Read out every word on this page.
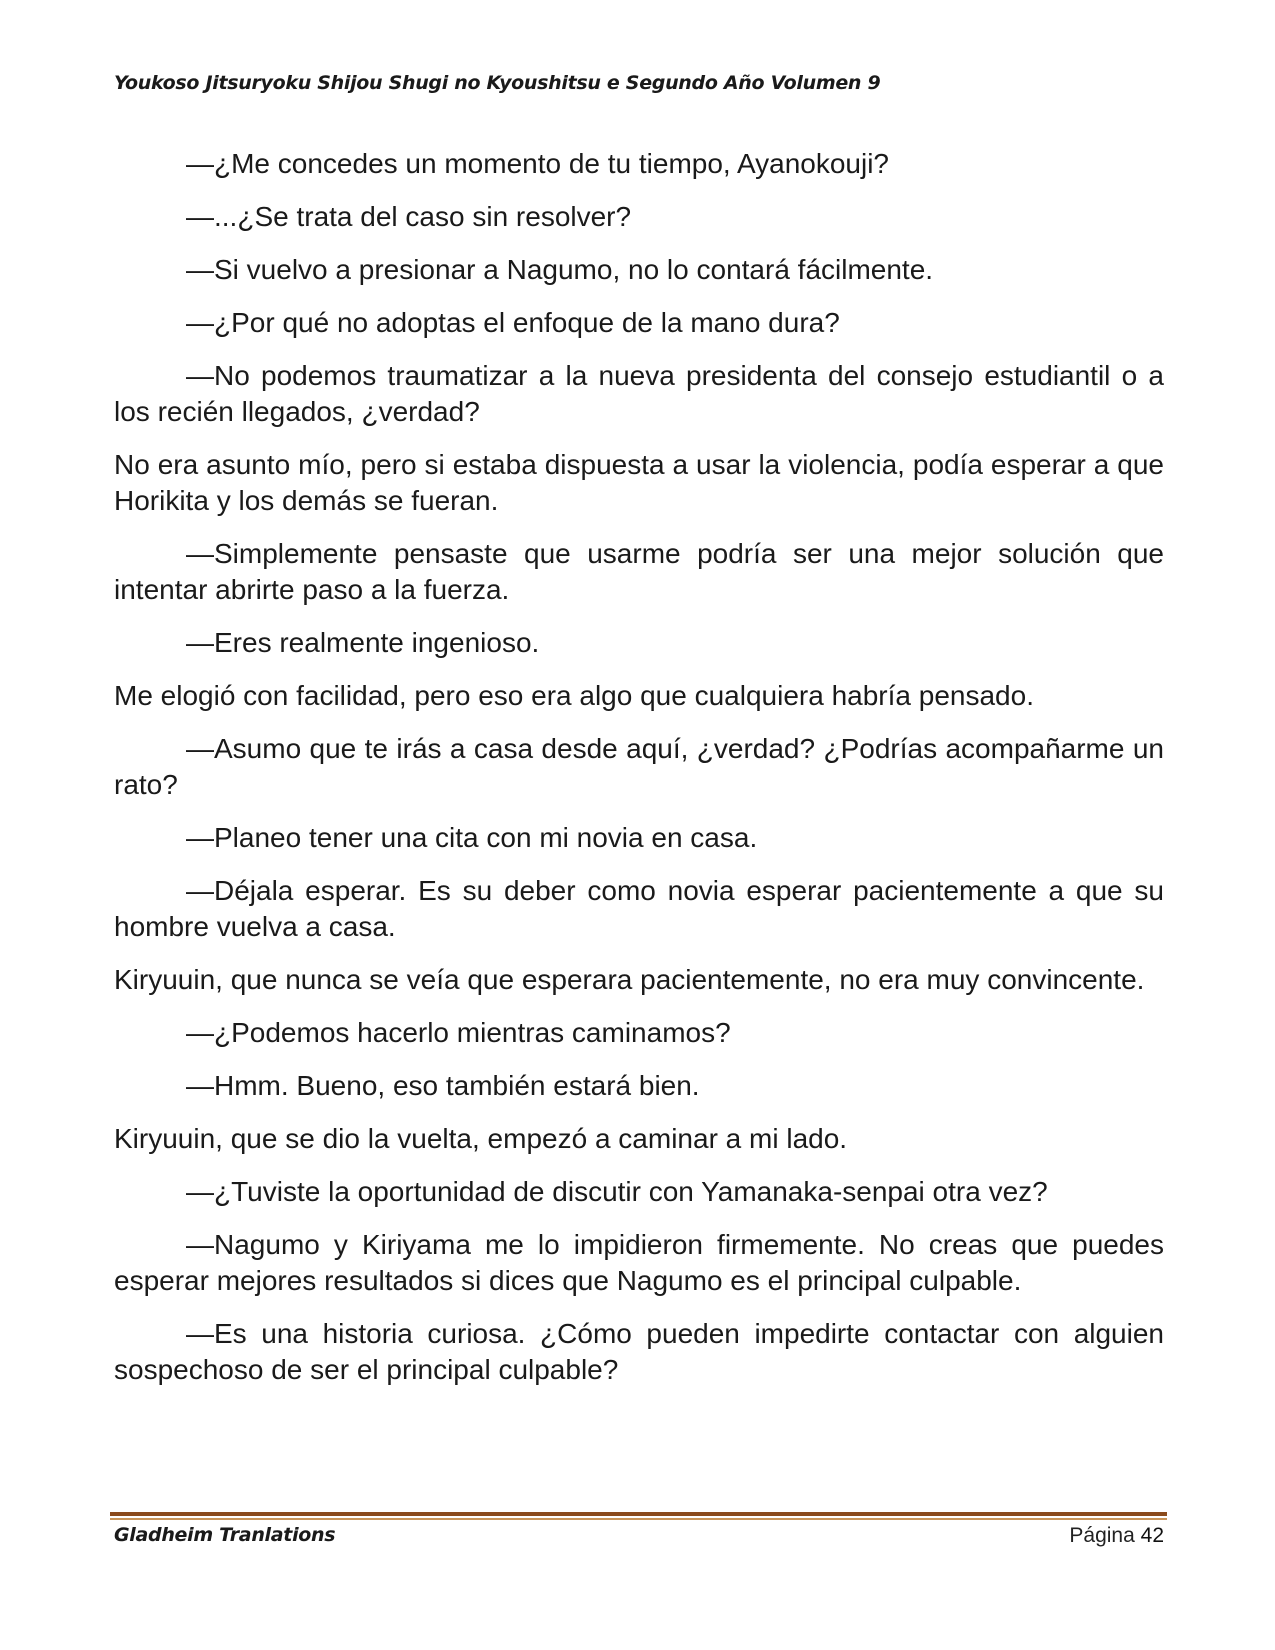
Youkoso Jitsuryoku Shijou Shugi no Kyoushitsu e Segundo Año Volumen 9

—¿Me concedes un momento de tu tiempo, Ayanokouji?

—...¿Se trata del caso sin resolver?

—Si vuelvo a presionar a Nagumo, no lo contará fácilmente.

—¿Por qué no adoptas el enfoque de la mano dura?

—No podemos traumatizar a la nueva presidenta del consejo estudiantil o a los recién llegados, ¿verdad?

No era asunto mío, pero si estaba dispuesta a usar la violencia, podía esperar a que Horikita y los demás se fueran.

—Simplemente pensaste que usarme podría ser una mejor solución que intentar abrirte paso a la fuerza.

—Eres realmente ingenioso.

Me elogió con facilidad, pero eso era algo que cualquiera habría pensado.

—Asumo que te irás a casa desde aquí, ¿verdad? ¿Podrías acompañarme un rato?

—Planeo tener una cita con mi novia en casa.

—Déjala esperar. Es su deber como novia esperar pacientemente a que su hombre vuelva a casa.

Kiryuuin, que nunca se veía que esperara pacientemente, no era muy convincente.

—¿Podemos hacerlo mientras caminamos?

—Hmm. Bueno, eso también estará bien.

Kiryuuin, que se dio la vuelta, empezó a caminar a mi lado.

—¿Tuviste la oportunidad de discutir con Yamanaka-senpai otra vez?

—Nagumo y Kiriyama me lo impidieron firmemente. No creas que puedes esperar mejores resultados si dices que Nagumo es el principal culpable.

—Es una historia curiosa. ¿Cómo pueden impedirte contactar con alguien sospechoso de ser el principal culpable?

Gladheim Tranlations	Página 42
